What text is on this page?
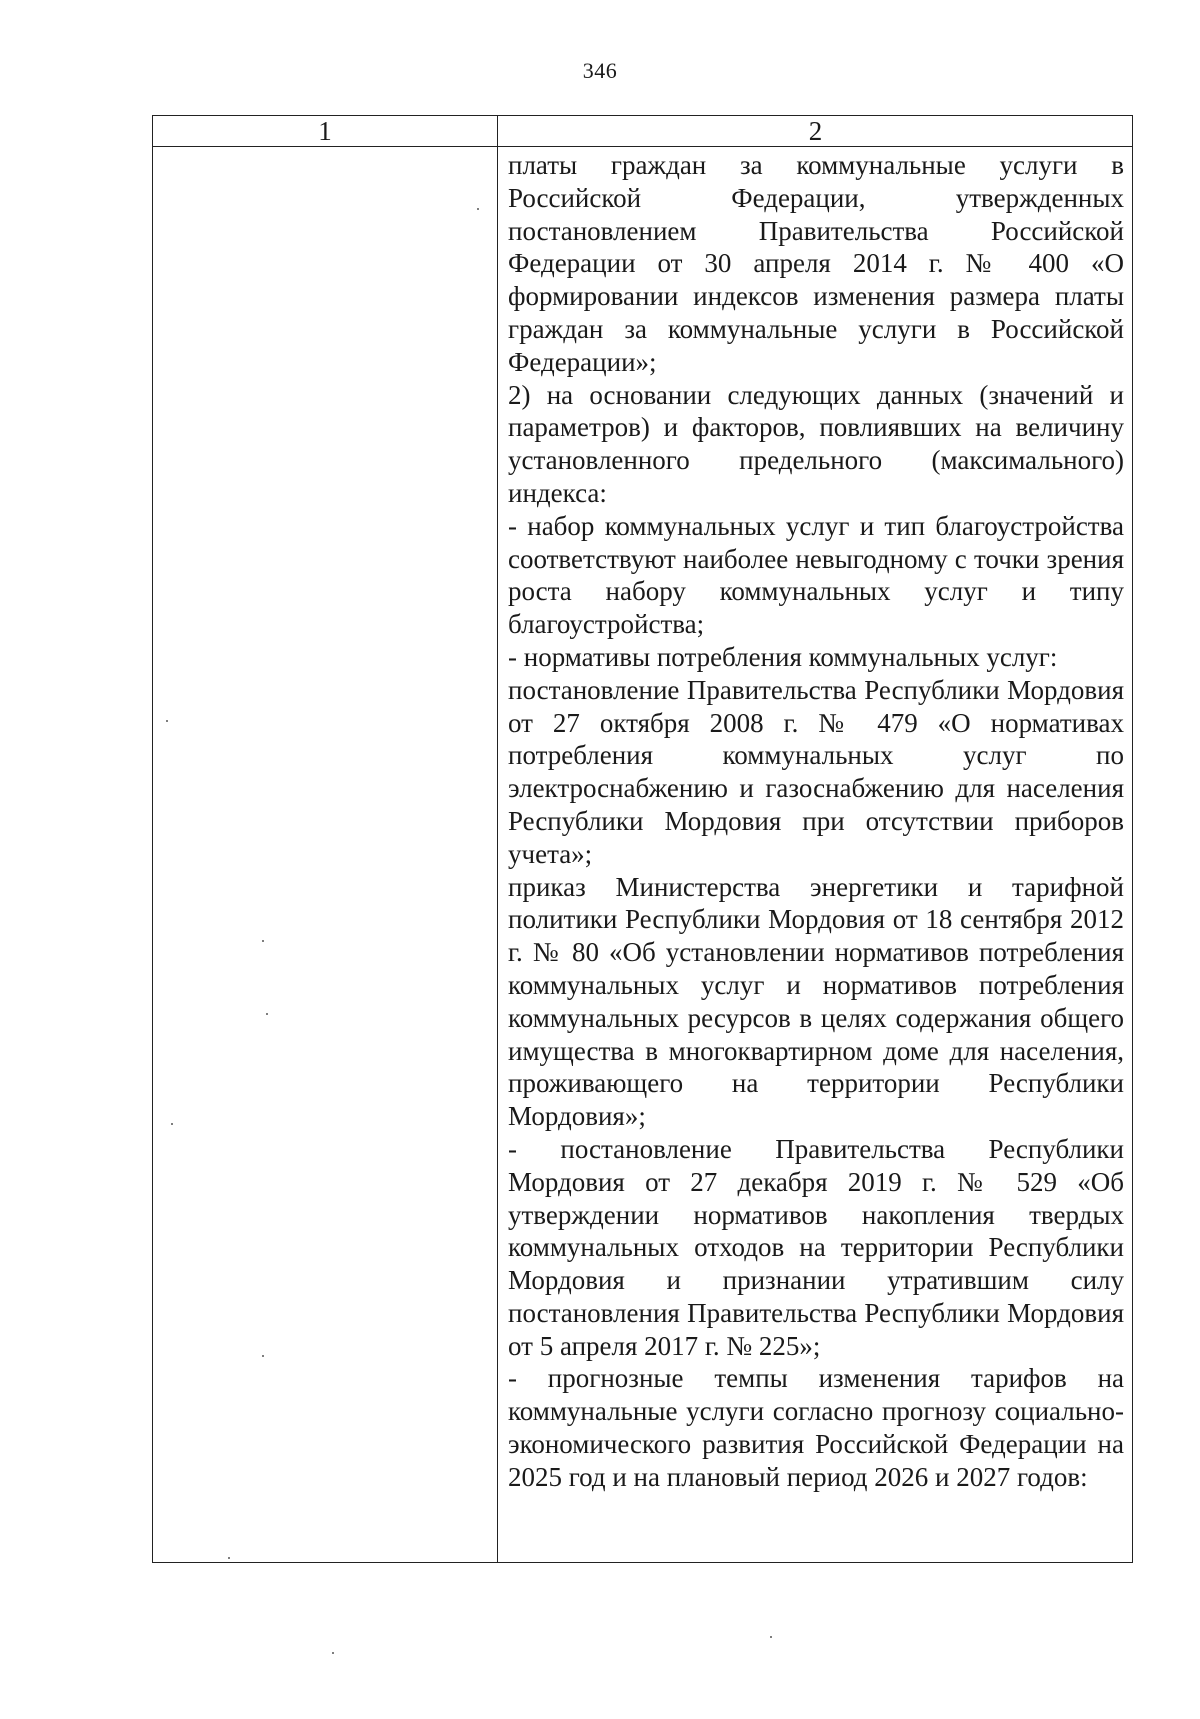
346
1	2

платы граждан за коммунальные услуги в Российской Федерации, утвержденных постановлением Правительства Российской Федерации от 30 апреля 2014 г. № 400 «О формировании индексов изменения размера платы граждан за коммунальные услуги в Российской Федерации»;

2) на основании следующих данных (значений и параметров) и факторов, повлиявших на величину установленного предельного (максимального) индекса:

- набор коммунальных услуг и тип благоустройства соответствуют наиболее невыгодному с точки зрения роста набору коммунальных услуг и типу благоустройства;

- нормативы потребления коммунальных услуг:

постановление Правительства Республики Мордовия от 27 октября 2008 г. № 479 «О нормативах потребления коммунальных услуг по электроснабжению и газоснабжению для населения Республики Мордовия при отсутствии приборов учета»;

приказ Министерства энергетики и тарифной политики Республики Мордовия от 18 сентября 2012 г. № 80 «Об установлении нормативов потребления коммунальных услуг и нормативов потребления коммунальных ресурсов в целях содержания общего имущества в многоквартирном доме для населения, проживающего на территории Республики Мордовия»;

- постановление Правительства Республики Мордовия от 27 декабря 2019 г. № 529 «Об утверждении нормативов накопления твердых коммунальных отходов на территории Республики Мордовия и признании утратившим силу постановления Правительства Республики Мордовия от 5 апреля 2017 г. № 225»;

- прогнозные темпы изменения тарифов на коммунальные услуги согласно прогнозу социально-экономического развития Российской Федерации на 2025 год и на плановый период 2026 и 2027 годов:
